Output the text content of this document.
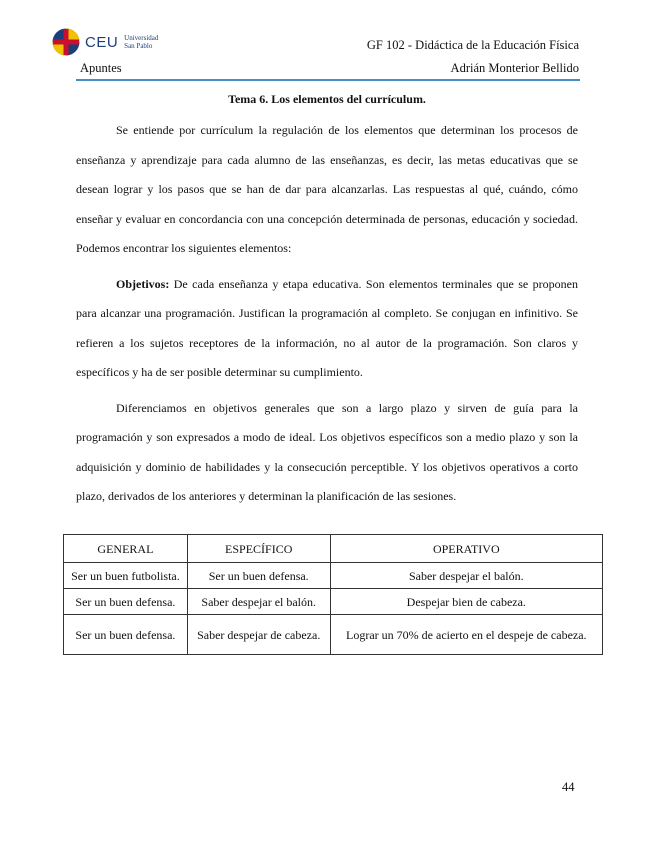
CEU Universidad
San Pablo	GF 102 - Didáctica de la Educación Física
Apuntes	Adrián Monterior Bellido
Tema 6. Los elementos del currículum.

Se entiende por currículum la regulación de los elementos que determinan los procesos de enseñanza y aprendizaje para cada alumno de las enseñanzas, es decir, las metas educativas que se desean lograr y los pasos que se han de dar para alcanzarlas. Las respuestas al qué, cuándo, cómo enseñar y evaluar en concordancia con una concepción determinada de personas, educación y sociedad. Podemos encontrar los siguientes elementos:

Objetivos: De cada enseñanza y etapa educativa. Son elementos terminales que se proponen para alcanzar una programación. Justifican la programación al completo. Se conjugan en infinitivo. Se refieren a los sujetos receptores de la información, no al autor de la programación. Son claros y específicos y ha de ser posible determinar su cumplimiento.

Diferenciamos en objetivos generales que son a largo plazo y sirven de guía para la programación y son expresados a modo de ideal. Los objetivos específicos son a medio plazo y son la adquisición y dominio de habilidades y la consecución perceptible. Y los objetivos operativos a corto plazo, derivados de los anteriores y determinan la planificación de las sesiones.

GENERAL	ESPECÍFICO	OPERATIVO
Ser un buen futbolista.	Ser un buen defensa.	Saber despejar el balón.
Ser un buen defensa.	Saber despejar el balón.	Despejar bien de cabeza.
Ser un buen defensa.	Saber despejar de cabeza.	Lograr un 70% de acierto en el despeje de cabeza.
44
